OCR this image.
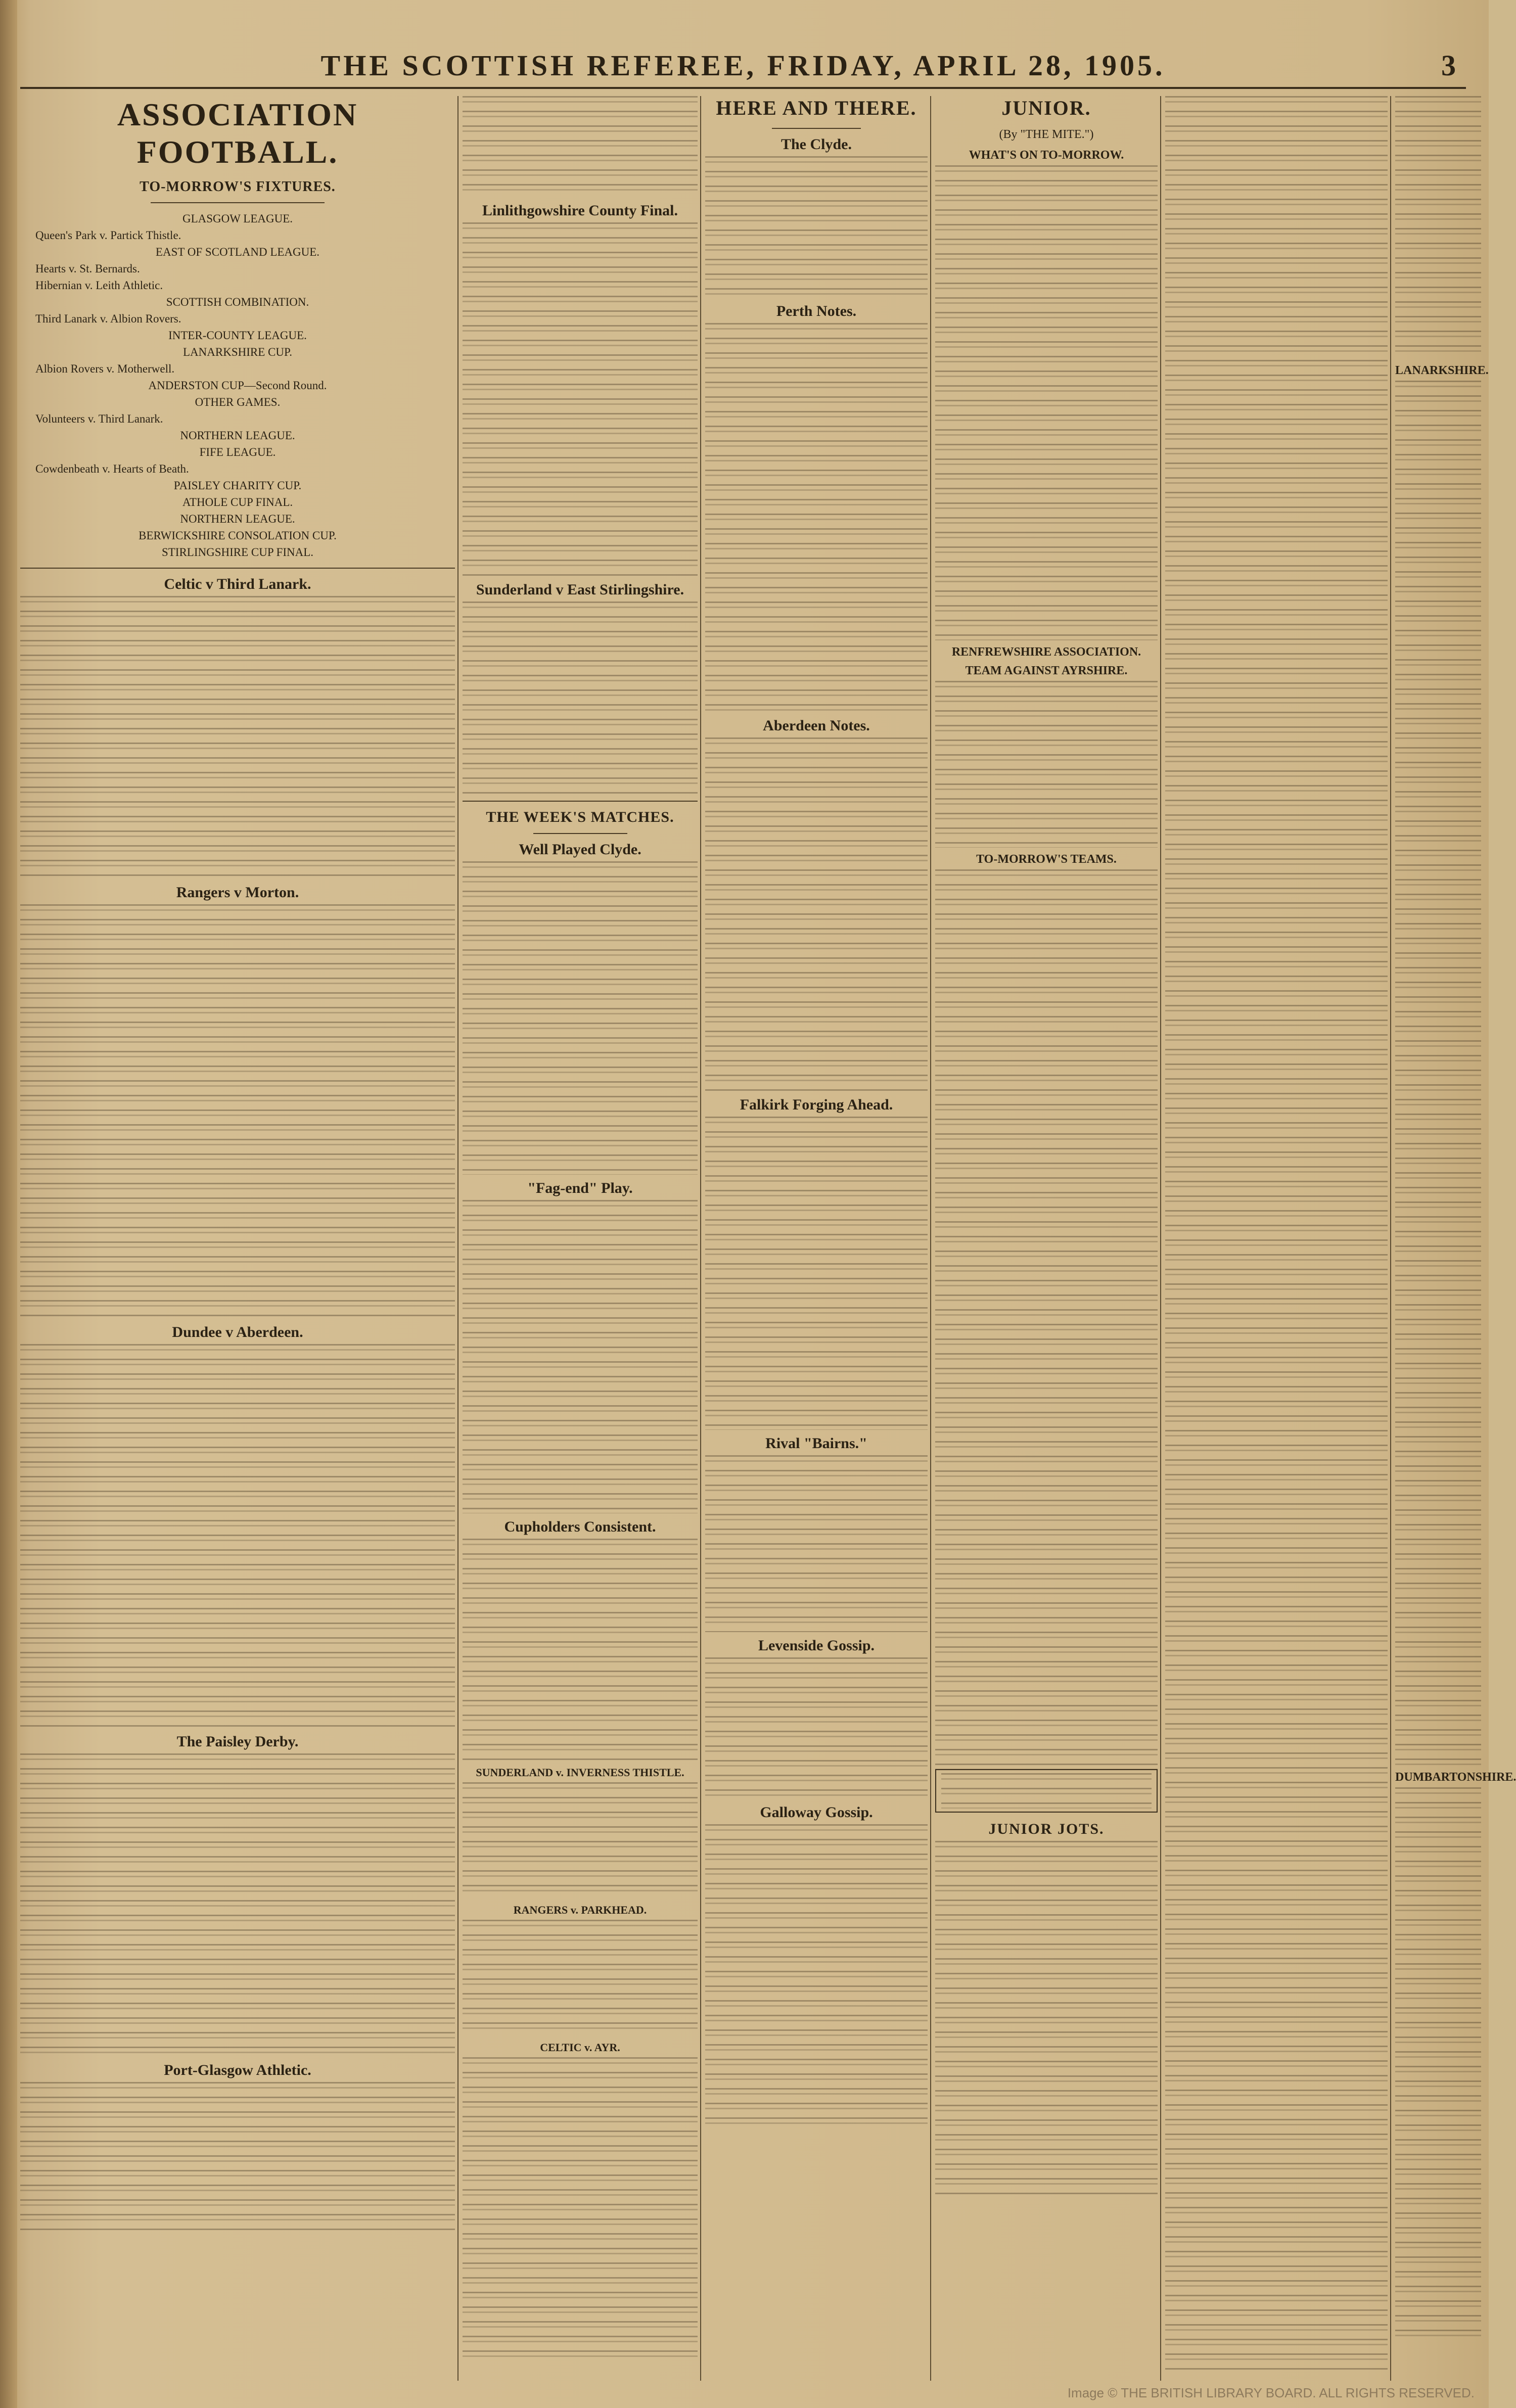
THE SCOTTISH REFEREE, FRIDAY, APRIL 28, 1905.	3
ASSOCIATION FOOTBALL.
TO-MORROW'S FIXTURES.
GLASGOW LEAGUE.
Queen's Park v. Partick Thistle.
EAST OF SCOTLAND LEAGUE.
Hearts v. St. Bernards.
Hibernian v. Leith Athletic.
SCOTTISH COMBINATION.
Third Lanark v. Albion Rovers.
INTER-COUNTY LEAGUE.
LANARKSHIRE CUP.
Albion Rovers v. Motherwell.
ANDERSTON CUP—Second Round.
OTHER GAMES.
Volunteers v. Third Lanark.
NORTHERN LEAGUE.
FIFE LEAGUE.
Cowdenbeath v. Hearts of Beath.
PAISLEY CHARITY CUP.
ATHOLE CUP FINAL.
NORTHERN LEAGUE.
BERWICKSHIRE CONSOLATION CUP.
STIRLINGSHIRE CUP FINAL.
Celtic v Third Lanark.
Rangers v Morton.
Dundee v Aberdeen.
The Paisley Derby.
Port-Glasgow Athletic.
Linlithgowshire County Final.
Sunderland v East Stirlingshire.
THE WEEK'S MATCHES.
Well Played Clyde.
"Fag-end" Play.
Cupholders Consistent.
SUNDERLAND v. INVERNESS THISTLE.
RANGERS v. PARKHEAD.
CELTIC v. AYR.
HERE AND THERE.
The Clyde.
Perth Notes.
Aberdeen Notes.
Falkirk Forging Ahead.
Rival "Bairns."
Levenside Gossip.
Galloway Gossip.
JUNIOR.
(By "THE MITE.")
WHAT'S ON TO-MORROW.
RENFREWSHIRE ASSOCIATION.
TEAM AGAINST AYRSHIRE.
TO-MORROW'S TEAMS.
JUNIOR JOTS.
LANARKSHIRE.
DUMBARTONSHIRE.
Image © THE BRITISH LIBRARY BOARD. ALL RIGHTS RESERVED.
